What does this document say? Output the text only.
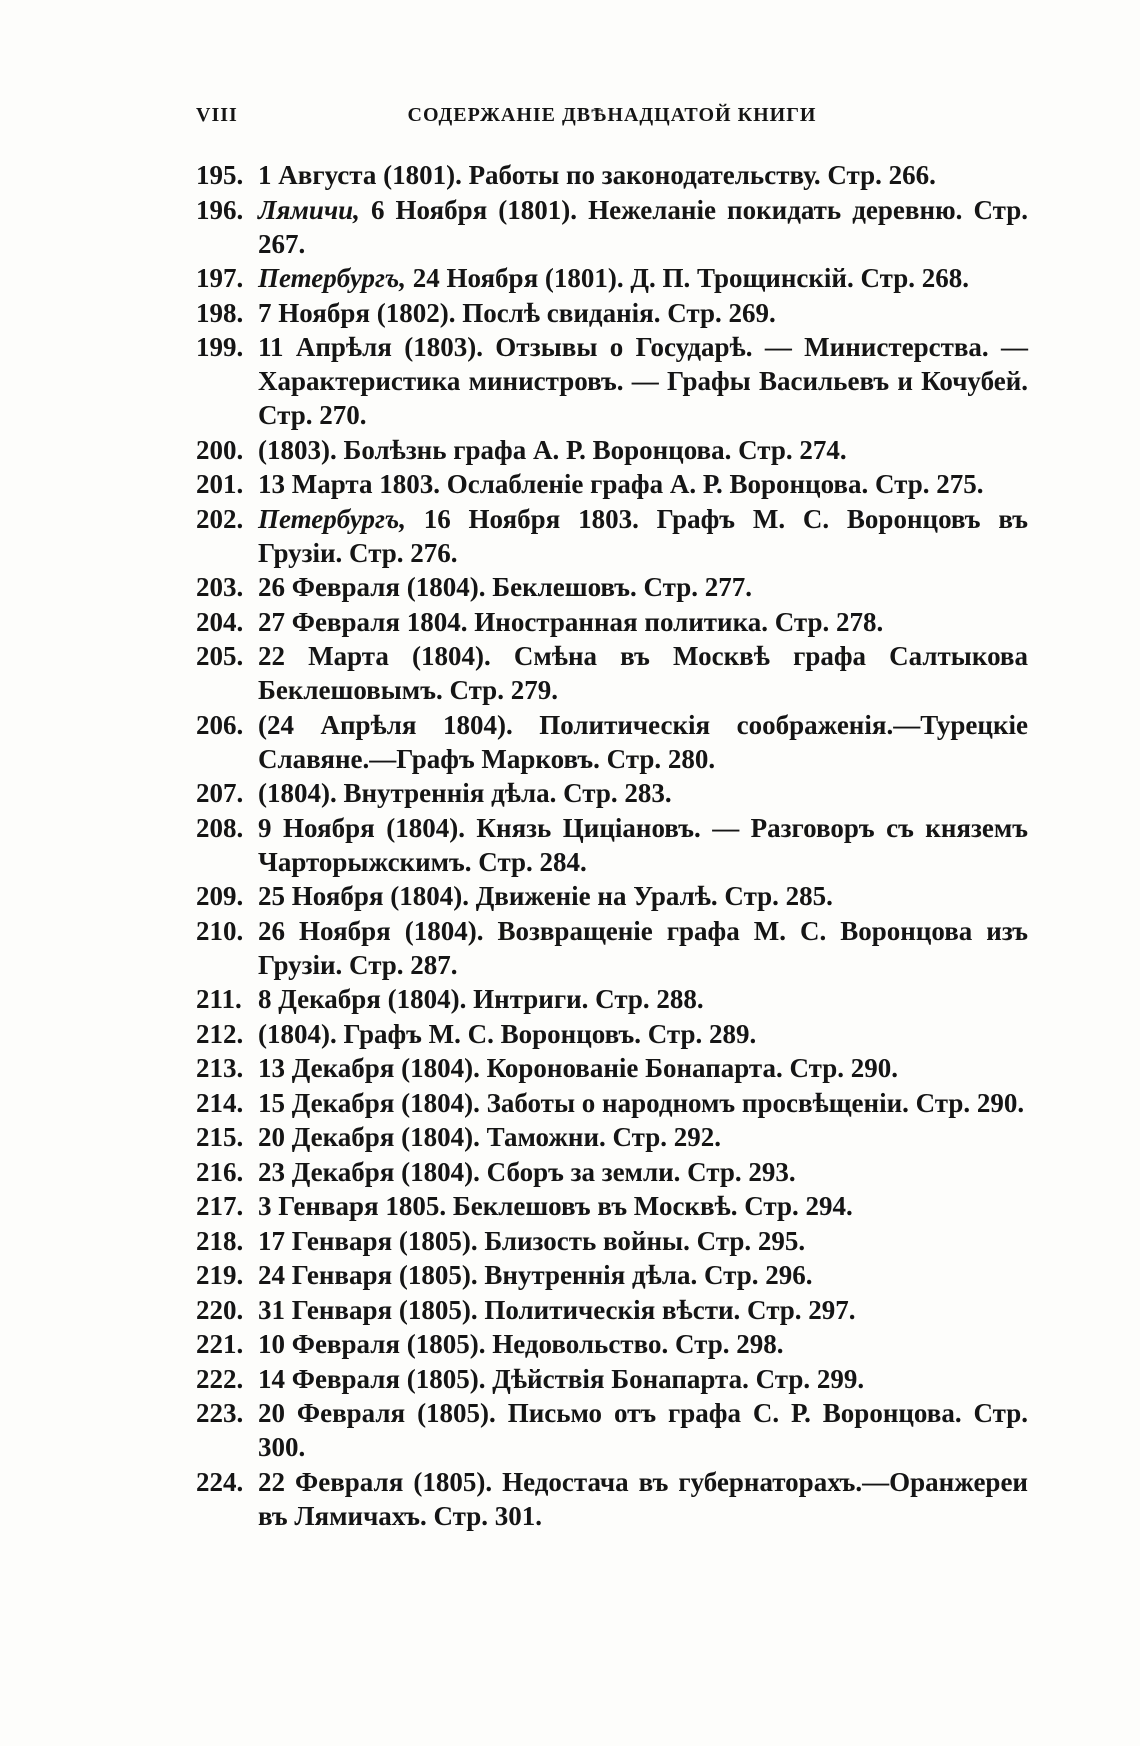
VIII	СОДЕРЖАНІЕ ДВѢНАДЦАТОЙ КНИГИ
195. 1 Августа (1801). Работы по законодательству. Стр. 266.
196. Лямичи, 6 Ноября (1801). Нежеланіе покидать деревню. Стр. 267.
197. Петербургъ, 24 Ноября (1801). Д. П. Трощинскій. Стр. 268.
198. 7 Ноября (1802). Послѣ свиданія. Стр. 269.
199. 11 Апрѣля (1803). Отзывы о Государѣ. — Министерства. — Характеристика министровъ. — Графы Васильевъ и Кочубей. Стр. 270.
200. (1803). Болѣзнь графа А. Р. Воронцова. Стр. 274.
201. 13 Марта 1803. Ослабленіе графа А. Р. Воронцова. Стр. 275.
202. Петербургъ, 16 Ноября 1803. Графъ М. С. Воронцовъ въ Грузіи. Стр. 276.
203. 26 Февраля (1804). Беклешовъ. Стр. 277.
204. 27 Февраля 1804. Иностранная политика. Стр. 278.
205. 22 Марта (1804). Смѣна въ Москвѣ графа Салтыкова Беклешовымъ. Стр. 279.
206. (24 Апрѣля 1804). Политическія соображенія.—Турецкіе Славяне.—Графъ Марковъ. Стр. 280.
207. (1804). Внутреннія дѣла. Стр. 283.
208. 9 Ноября (1804). Князь Цицiановъ. — Разговоръ съ княземъ Чарторыжскимъ. Стр. 284.
209. 25 Ноября (1804). Движеніе на Уралѣ. Стр. 285.
210. 26 Ноября (1804). Возвращеніе графа М. С. Воронцова изъ Грузіи. Стр. 287.
211. 8 Декабря (1804). Интриги. Стр. 288.
212. (1804). Графъ М. С. Воронцовъ. Стр. 289.
213. 13 Декабря (1804). Коронованіе Бонапарта. Стр. 290.
214. 15 Декабря (1804). Заботы о народномъ просвѣщеніи. Стр. 290.
215. 20 Декабря (1804). Таможни. Стр. 292.
216. 23 Декабря (1804). Сборъ за земли. Стр. 293.
217. 3 Генваря 1805. Беклешовъ въ Москвѣ. Стр. 294.
218. 17 Генваря (1805). Близость войны. Стр. 295.
219. 24 Генваря (1805). Внутреннія дѣла. Стр. 296.
220. 31 Генваря (1805). Политическія вѣсти. Стр. 297.
221. 10 Февраля (1805). Недовольство. Стр. 298.
222. 14 Февраля (1805). Дѣйствія Бонапарта. Стр. 299.
223. 20 Февраля (1805). Письмо отъ графа С. Р. Воронцова. Стр. 300.
224. 22 Февраля (1805). Недостача въ губернаторахъ.—Оранжереи въ Лямичахъ. Стр. 301.
